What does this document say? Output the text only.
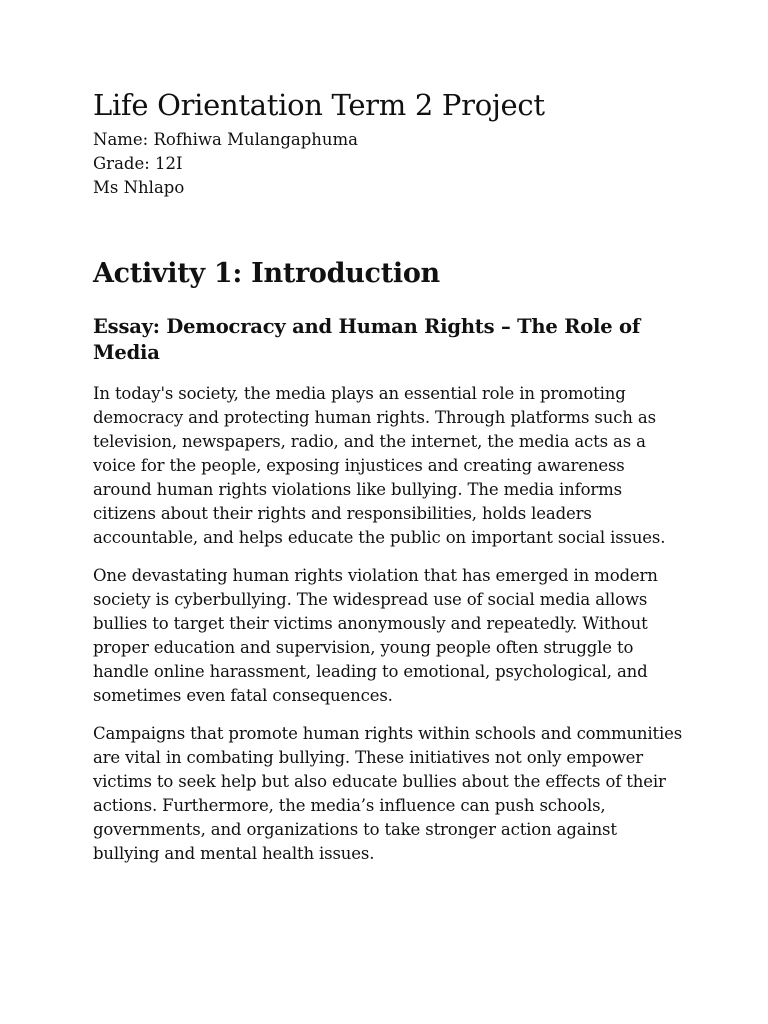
Life Orientation Term 2 Project

Name: Rofhiwa Mulangaphuma

Grade: 12I

Ms Nhlapo

Activity 1: Introduction
Essay: Democracy and Human Rights – The Role of Media

In today's society, the media plays an essential role in promoting democracy and protecting human rights. Through platforms such as television, newspapers, radio, and the internet, the media acts as a voice for the people, exposing injustices and creating awareness around human rights violations like bullying. The media informs citizens about their rights and responsibilities, holds leaders accountable, and helps educate the public on important social issues.

One devastating human rights violation that has emerged in modern society is cyberbullying. The widespread use of social media allows bullies to target their victims anonymously and repeatedly. Without proper education and supervision, young people often struggle to handle online harassment, leading to emotional, psychological, and sometimes even fatal consequences.

Campaigns that promote human rights within schools and communities are vital in combating bullying. These initiatives not only empower victims to seek help but also educate bullies about the effects of their actions. Furthermore, the media’s influence can push schools, governments, and organizations to take stronger action against bullying and mental health issues.
